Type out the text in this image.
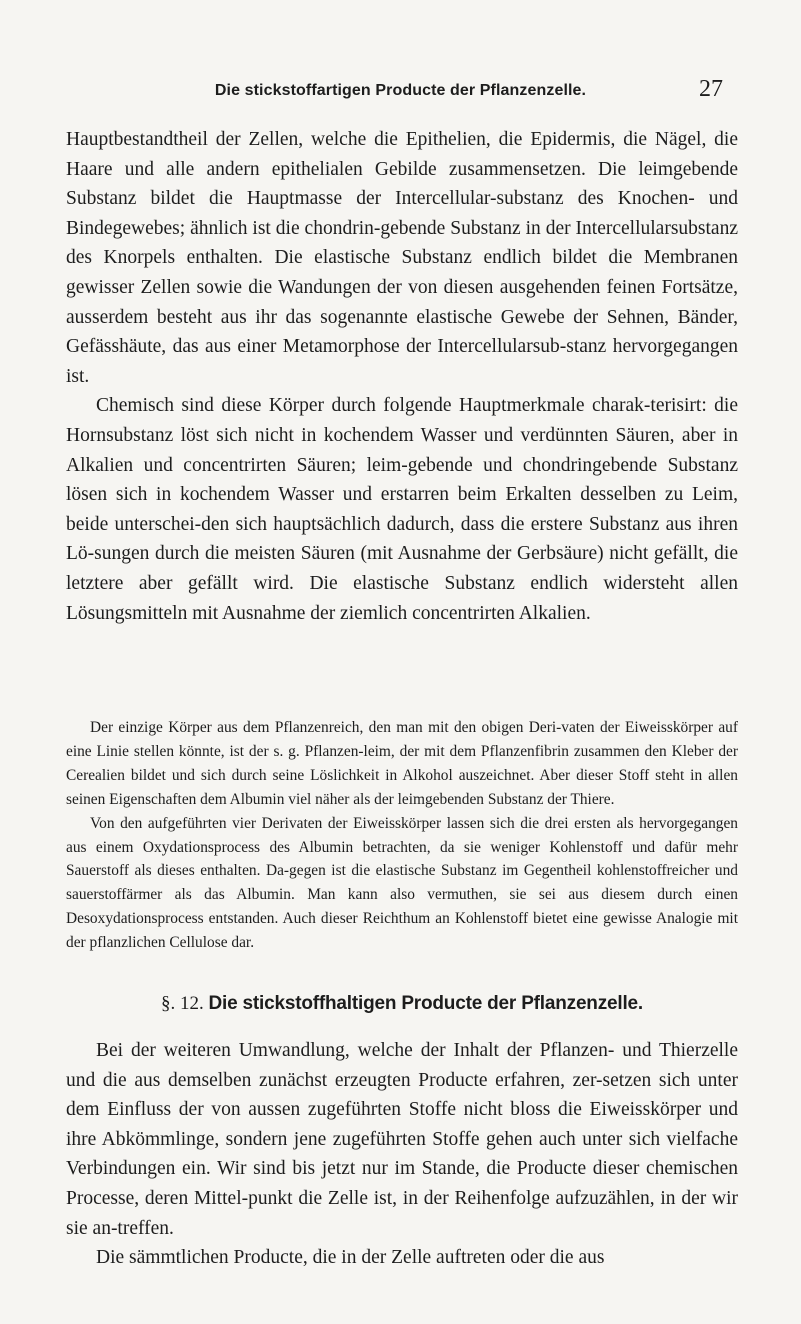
Die stickstoffartigen Producte der Pflanzenzelle.	27

Hauptbestandtheil der Zellen, welche die Epithelien, die Epidermis, die Nägel, die Haare und alle andern epithelialen Gebilde zusammensetzen. Die leimgebende Substanz bildet die Hauptmasse der Intercellular-substanz des Knochen- und Bindegewebes; ähnlich ist die chondrin-gebende Substanz in der Intercellularsubstanz des Knorpels enthalten. Die elastische Substanz endlich bildet die Membranen gewisser Zellen sowie die Wandungen der von diesen ausgehenden feinen Fortsätze, ausserdem besteht aus ihr das sogenannte elastische Gewebe der Sehnen, Bänder, Gefässhäute, das aus einer Metamorphose der Intercellularsub-stanz hervorgegangen ist.

Chemisch sind diese Körper durch folgende Hauptmerkmale charak-terisirt: die Hornsubstanz löst sich nicht in kochendem Wasser und verdünnten Säuren, aber in Alkalien und concentrirten Säuren; leim-gebende und chondringebende Substanz lösen sich in kochendem Wasser und erstarren beim Erkalten desselben zu Leim, beide unterschei-den sich hauptsächlich dadurch, dass die erstere Substanz aus ihren Lö-sungen durch die meisten Säuren (mit Ausnahme der Gerbsäure) nicht gefällt, die letztere aber gefällt wird. Die elastische Substanz endlich widersteht allen Lösungsmitteln mit Ausnahme der ziemlich concentrirten Alkalien.

Der einzige Körper aus dem Pflanzenreich, den man mit den obigen Deri-vaten der Eiweisskörper auf eine Linie stellen könnte, ist der s. g. Pflanzen-leim, der mit dem Pflanzenfibrin zusammen den Kleber der Cerealien bildet und sich durch seine Löslichkeit in Alkohol auszeichnet. Aber dieser Stoff steht in allen seinen Eigenschaften dem Albumin viel näher als der leimgebenden Substanz der Thiere.

Von den aufgeführten vier Derivaten der Eiweisskörper lassen sich die drei ersten als hervorgegangen aus einem Oxydationsprocess des Albumin betrachten, da sie weniger Kohlenstoff und dafür mehr Sauerstoff als dieses enthalten. Da-gegen ist die elastische Substanz im Gegentheil kohlenstoffreicher und sauerstoffärmer als das Albumin. Man kann also vermuthen, sie sei aus diesem durch einen Desoxydationsprocess entstanden. Auch dieser Reichthum an Kohlenstoff bietet eine gewisse Analogie mit der pflanzlichen Cellulose dar.

§. 12. Die stickstoffhaltigen Producte der Pflanzenzelle.

Bei der weiteren Umwandlung, welche der Inhalt der Pflanzen- und Thierzelle und die aus demselben zunächst erzeugten Producte erfahren, zer-setzen sich unter dem Einfluss der von aussen zugeführten Stoffe nicht bloss die Eiweisskörper und ihre Abkömmlinge, sondern jene zugeführten Stoffe gehen auch unter sich vielfache Verbindungen ein. Wir sind bis jetzt nur im Stande, die Producte dieser chemischen Processe, deren Mittel-punkt die Zelle ist, in der Reihenfolge aufzuzählen, in der wir sie an-treffen.

Die sämmtlichen Producte, die in der Zelle auftreten oder die aus
